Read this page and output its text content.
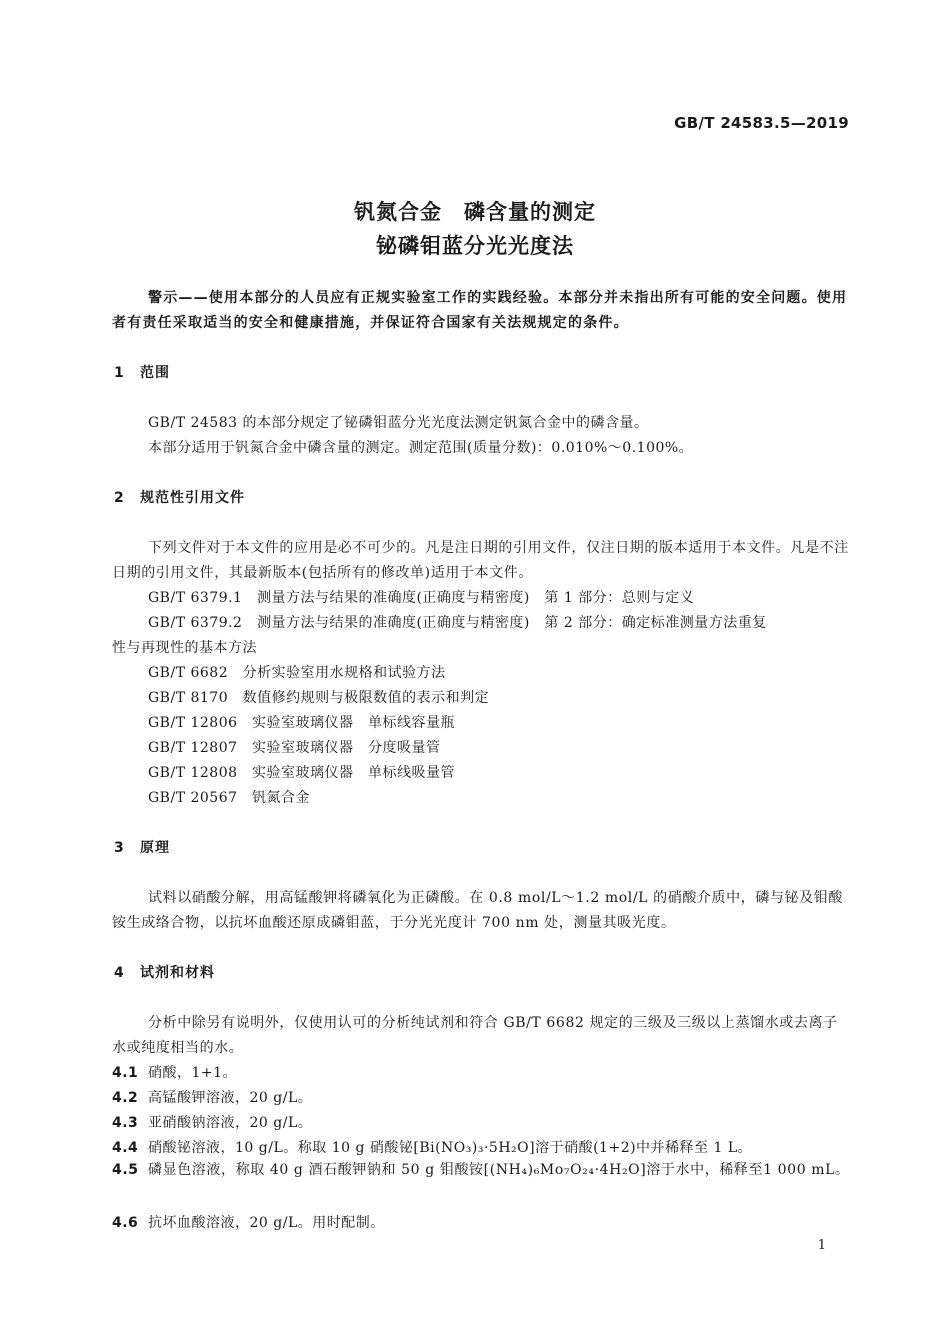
GB/T 24583.5—2019
钒氮合金　磷含量的测定
铋磷钼蓝分光光度法
警示——使用本部分的人员应有正规实验室工作的实践经验。本部分并未指出所有可能的安全问题。使用者有责任采取适当的安全和健康措施，并保证符合国家有关法规规定的条件。
1 范围
GB/T 24583 的本部分规定了铋磷钼蓝分光光度法测定钒氮合金中的磷含量。
本部分适用于钒氮合金中磷含量的测定。测定范围(质量分数)：0.010%～0.100%。
2 规范性引用文件
下列文件对于本文件的应用是必不可少的。凡是注日期的引用文件，仅注日期的版本适用于本文件。凡是不注日期的引用文件，其最新版本(包括所有的修改单)适用于本文件。
GB/T 6379.1　测量方法与结果的准确度(正确度与精密度)　第 1 部分：总则与定义
GB/T 6379.2　测量方法与结果的准确度(正确度与精密度)　第 2 部分：确定标准测量方法重复
性与再现性的基本方法
GB/T 6682　分析实验室用水规格和试验方法
GB/T 8170　数值修约规则与极限数值的表示和判定
GB/T 12806　实验室玻璃仪器　单标线容量瓶
GB/T 12807　实验室玻璃仪器　分度吸量管
GB/T 12808　实验室玻璃仪器　单标线吸量管
GB/T 20567　钒氮合金
3 原理
试料以硝酸分解，用高锰酸钾将磷氧化为正磷酸。在 0.8 mol/L～1.2 mol/L 的硝酸介质中，磷与铋及钼酸铵生成络合物，以抗坏血酸还原成磷钼蓝，于分光光度计 700 nm 处，测量其吸光度。
4 试剂和材料
分析中除另有说明外，仅使用认可的分析纯试剂和符合 GB/T 6682 规定的三级及三级以上蒸馏水或去离子水或纯度相当的水。
4.1 硝酸，1+1。
4.2 高锰酸钾溶液，20 g/L。
4.3 亚硝酸钠溶液，20 g/L。
4.4 硝酸铋溶液，10 g/L。称取 10 g 硝酸铋[Bi(NO₃)₃·5H₂O]溶于硝酸(1+2)中并稀释至 1 L。
4.5 磷显色溶液，称取 40 g 酒石酸钾钠和 50 g 钼酸铵[(NH₄)₆Mo₇O₂₄·4H₂O]溶于水中，稀释至1 000 mL。
4.6 抗坏血酸溶液，20 g/L。用时配制。
1
